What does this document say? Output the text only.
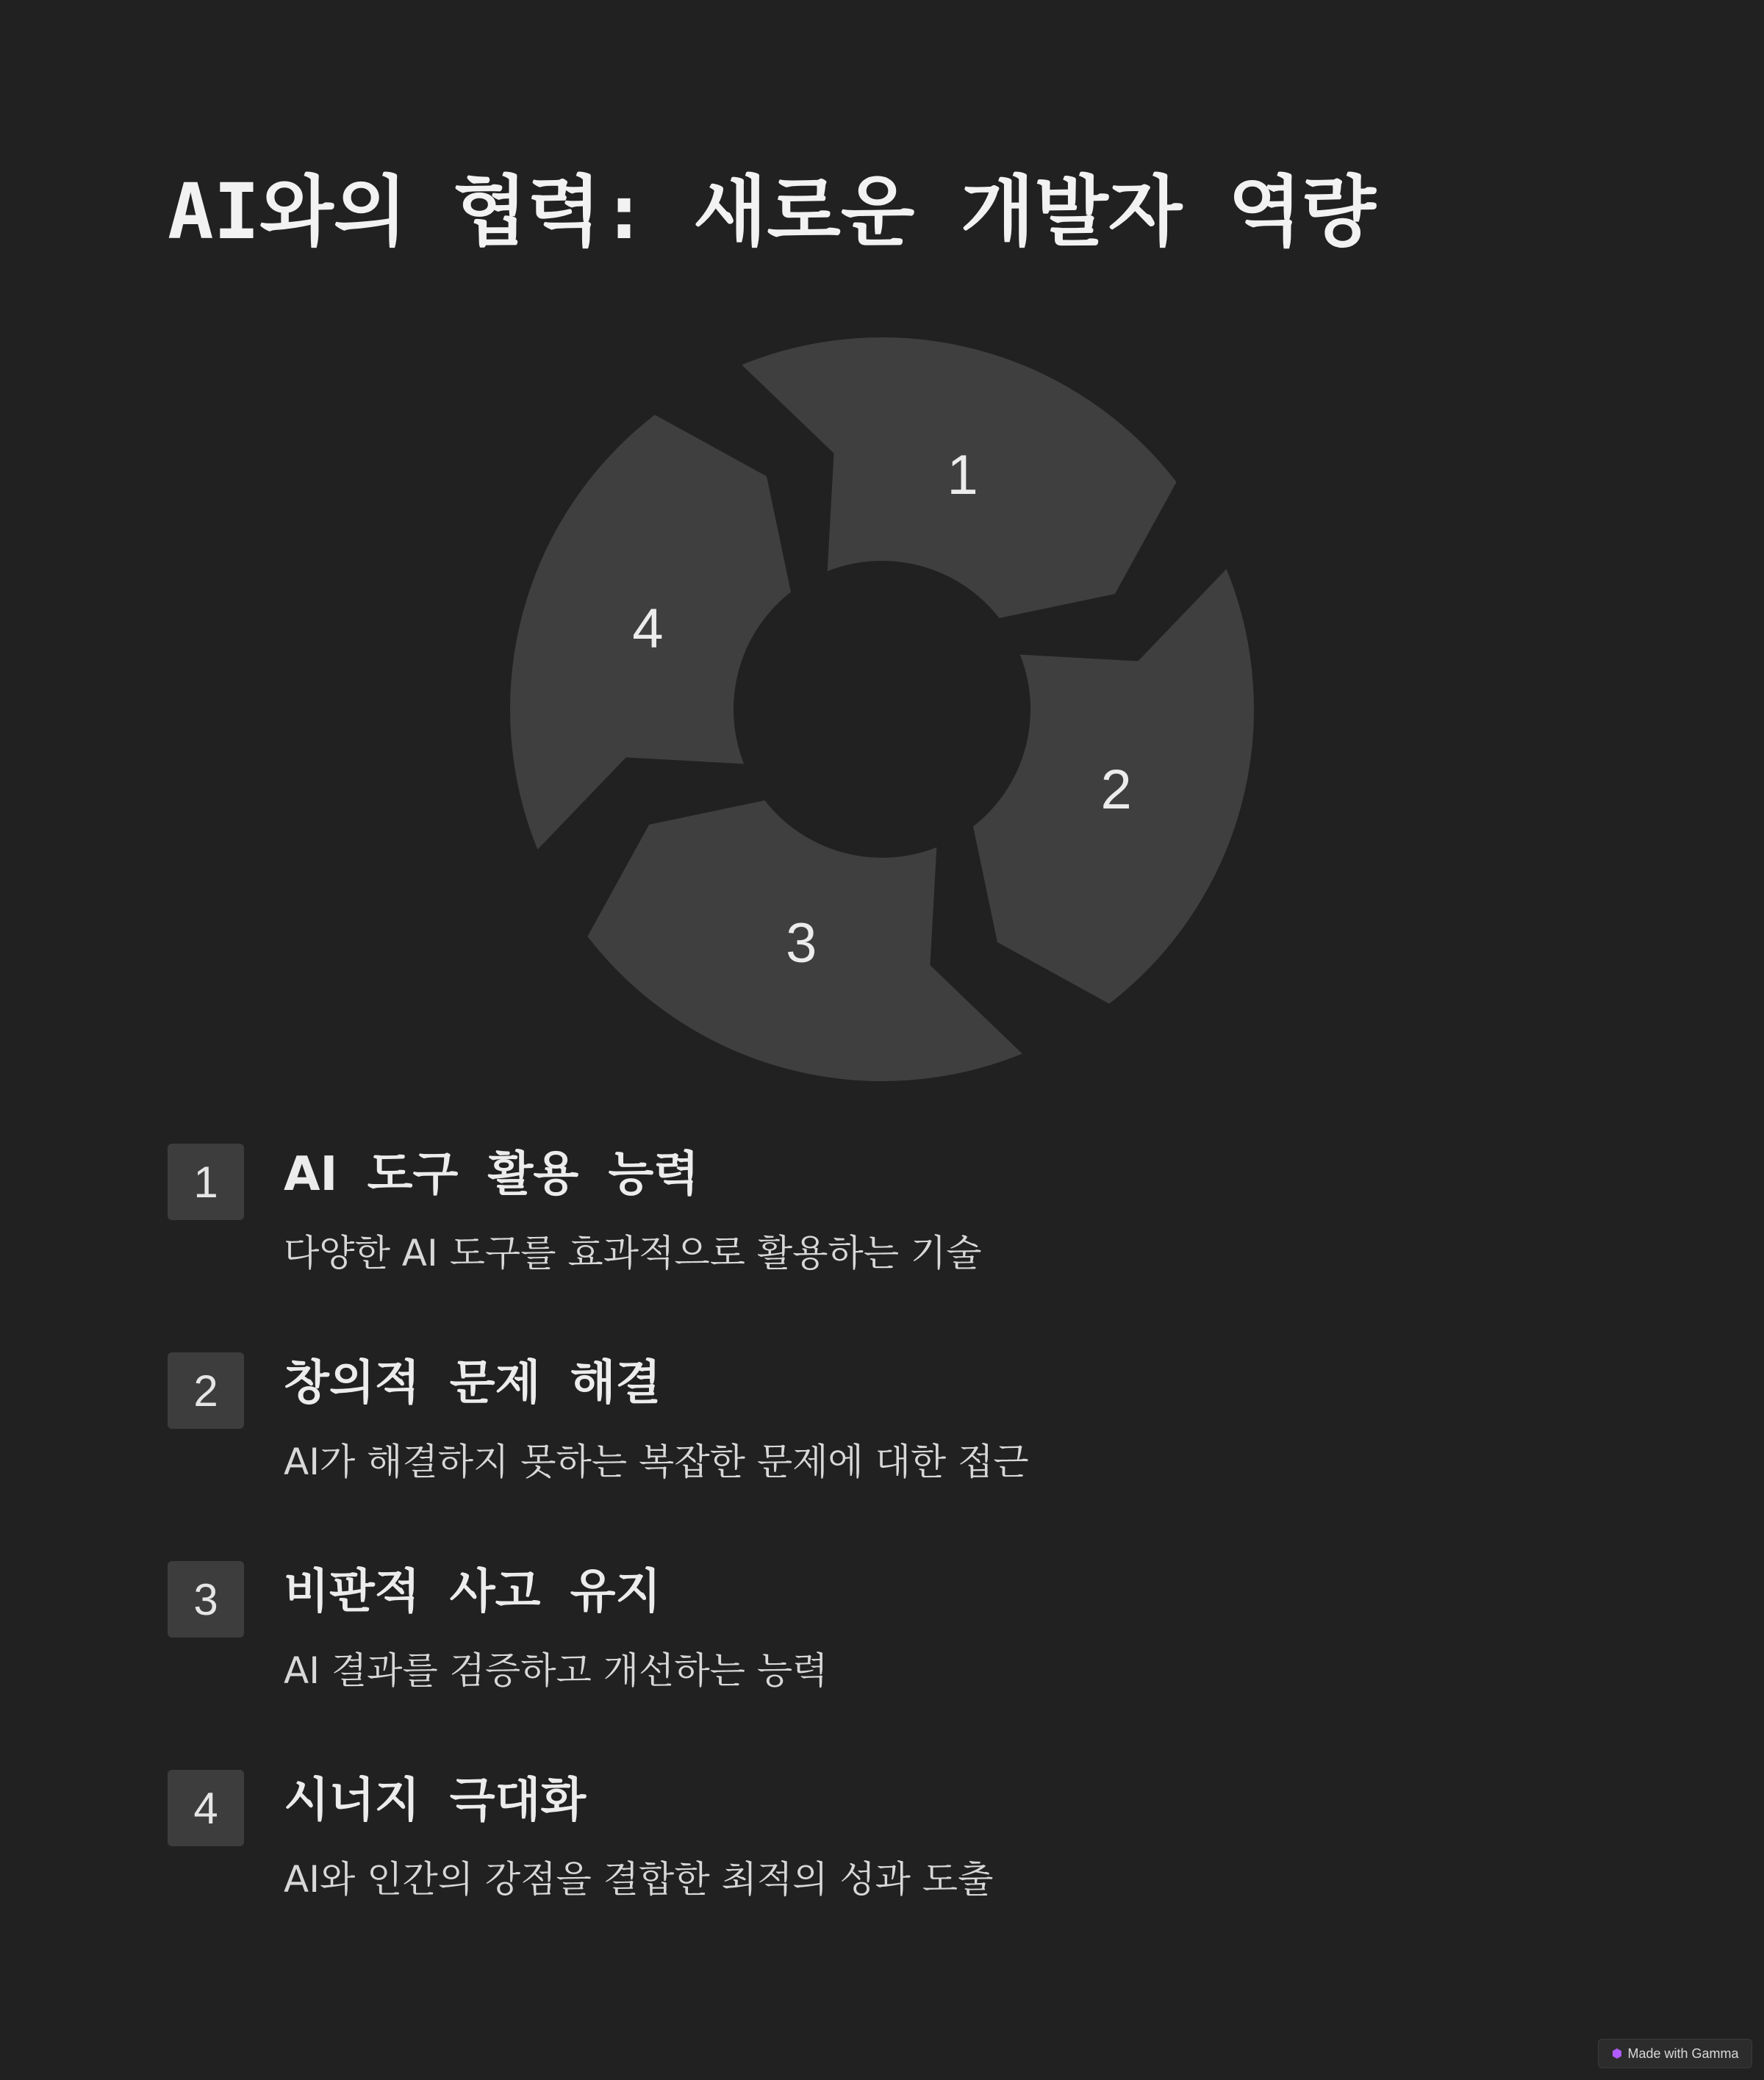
AI와의 협력: 새로운 개발자 역량
1
2
3
4
1	AI 도구 활용 능력

다양한 AI 도구를 효과적으로 활용하는 기술

2	창의적 문제 해결

AI가 해결하지 못하는 복잡한 문제에 대한 접근

3	비판적 사고 유지

AI 결과를 검증하고 개선하는 능력

4	시너지 극대화

AI와 인간의 강점을 결합한 최적의 성과 도출

Made with Gamma
